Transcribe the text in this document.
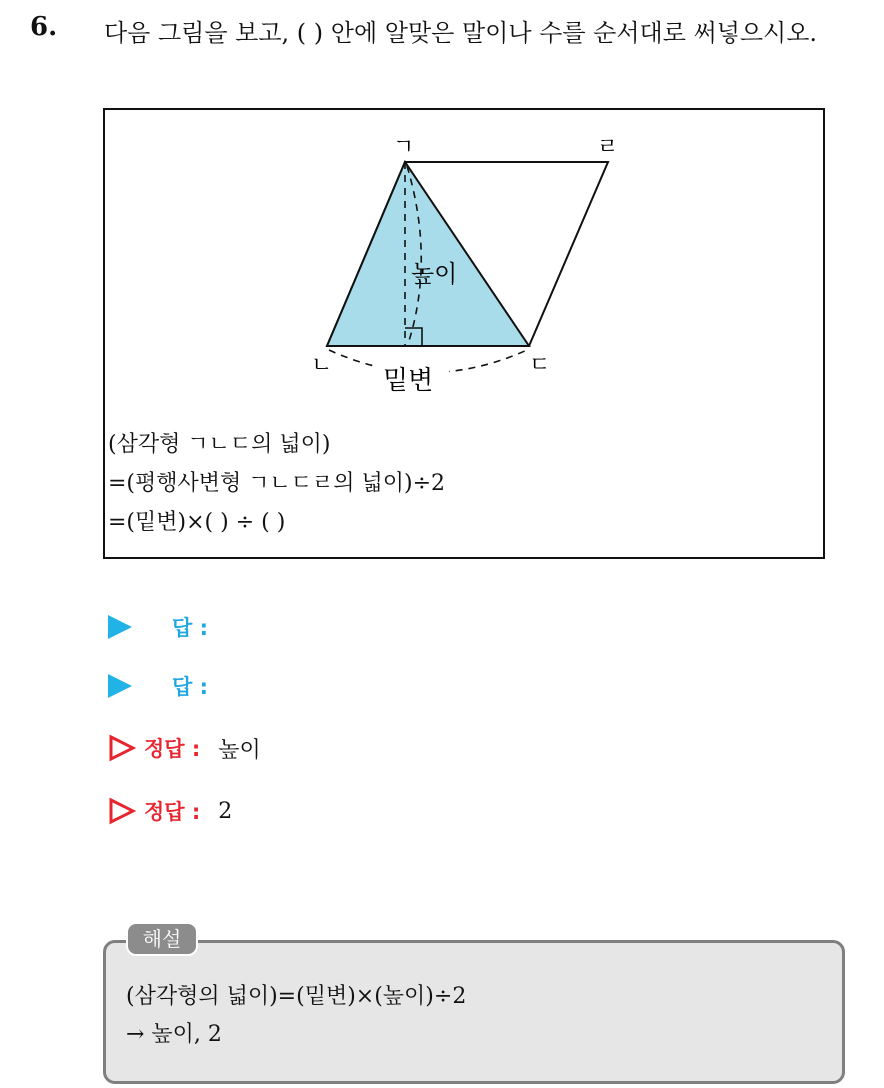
6. 다음 그림을 보고, ( ) 안에 알맞은 말이나 수를 순서대로 써넣으시오.
ㄱ	ㄹ
ㄴ	ㄷ
높이
밑변
(삼각형 ㄱㄴㄷ의 넓이)
=(평행사변형 ㄱㄴㄷㄹ의 넓이)÷2
=(밑변)×( ) ÷ ( )
답 :
답 :
정답 : 높이
정답 : 2
해설
(삼각형의 넓이)=(밑변)×(높이)÷2
→ 높이, 2
